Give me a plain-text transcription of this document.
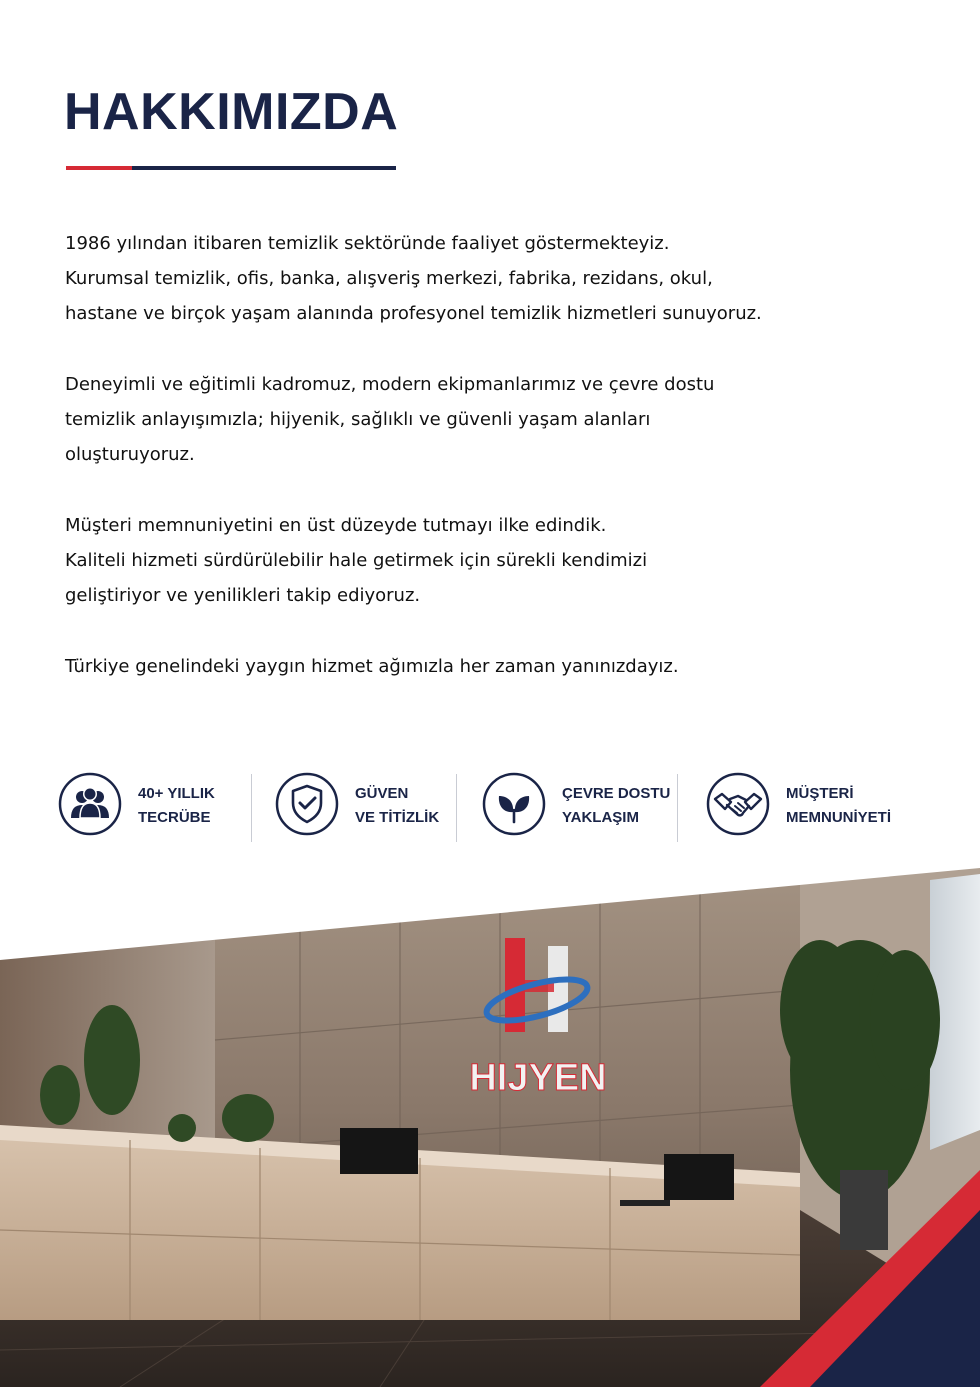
HAKKIMIZDA

1986 yılından itibaren temizlik sektöründe faaliyet göstermekteyiz.
Kurumsal temizlik, ofis, banka, alışveriş merkezi, fabrika, rezidans, okul,
hastane ve birçok yaşam alanında profesyonel temizlik hizmetleri sunuyoruz.

Deneyimli ve eğitimli kadromuz, modern ekipmanlarımız ve çevre dostu
temizlik anlayışımızla; hijyenik, sağlıklı ve güvenli yaşam alanları
oluşturuyoruz.

Müşteri memnuniyetini en üst düzeyde tutmayı ilke edindik.
Kaliteli hizmeti sürdürülebilir hale getirmek için sürekli kendimizi
geliştiriyor ve yenilikleri takip ediyoruz.

Türkiye genelindeki yaygın hizmet ağımızla her zaman yanınızdayız.

40+ YILLIK
TECRÜBE
GÜVEN
VE TİTİZLİK
ÇEVRE DOSTU
YAKLAŞIM
MÜŞTERİ
MEMNUNİYETİ
HIJYEN
